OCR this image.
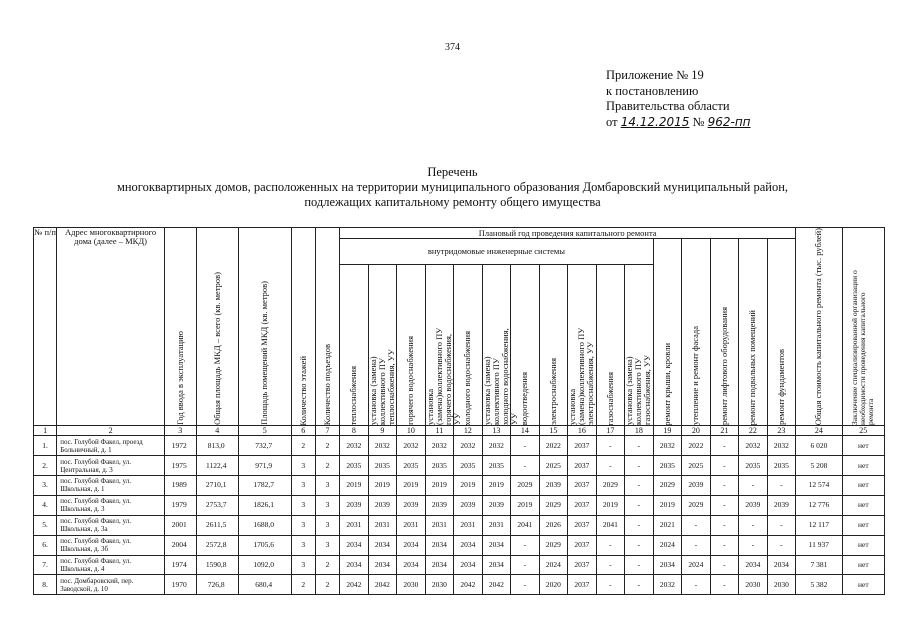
374
Приложение № 19
к постановлению
Правительства области
от 14.12.2015 № 962-пп
Перечень
многоквартирных домов, расположенных на территории муниципального образования Домбаровский муниципальный район,
подлежащих капитальному ремонту общего имущества
№ п/п	Адрес многоквартирного дома (далее – МКД)	Год ввода в эксплуатацию	Общая площадь МКД – всего (кв. метров)	Площадь помещений МКД (кв. метров)	Количество этажей	Количество подъездов	Плановый год проведения капитального ремонта																Общая стоимость капитального ремонта (тыс. рублей)	Заключение специализированной организации о необходимости проведения капитального ремонта

							внутридомовые инженерные системы											ремонт крыши, кровли	утепление и ремонт фасада	ремонт лифтового оборудования	ремонт подвальных помещений	ремонт фундаментов		

							теплоснабжения	установка (замена) коллективного ПУ теплоснабжения, УУ	горячего водоснабжения	установка (замена)коллективного ПУ горячего водоснабжения, УУ	холодного водоснабжения	установка (замена) коллективного ПУ холодного водоснабжения, УУ	водоотведения	электроснабжения	установка (замена)коллективного ПУ электроснабжения, УУ	газоснабжения	установка (замена) коллективного ПУ газоснабжения, УУ							

1	2	3	4	5	6	7	8	9	10	11	12	13	14	15	16	17	18	19	20	21	22	23	24	25
1.	пос. Голубой Факел, проезд Больничный, д. 1	1972	813,0	732,7	2	2	2032	2032	2032	2032	2032	2032	-	2022	2037	-	-	2032	2022	-	2032	2032	6 020	нет
2.	пос. Голубой Факел, ул. Центральная, д. 3	1975	1122,4	971,9	3	2	2035	2035	2035	2035	2035	2035	-	2025	2037	-	-	2035	2025	-	2035	2035	5 208	нет
3.	пос. Голубой Факел, ул. Школьная, д. 1	1989	2710,1	1782,7	3	3	2019	2019	2019	2019	2019	2019	2029	2039	2037	2029	-	2029	2039	-	-	-	12 574	нет
4.	пос. Голубой Факел, ул. Школьная, д. 3	1979	2753,7	1826,1	3	3	2039	2039	2039	2039	2039	2039	2019	2029	2037	2019	-	2019	2029	-	2039	2039	12 776	нет
5.	пос. Голубой Факел, ул. Школьная, д. 3а	2001	2611,5	1688,0	3	3	2031	2031	2031	2031	2031	2031	2041	2026	2037	2041	-	2021	-	-	-	-	12 117	нет
6.	пос. Голубой Факел, ул. Школьная, д. 3б	2004	2572,8	1705,6	3	3	2034	2034	2034	2034	2034	2034	-	2029	2037	-	-	2024	-	-	-	-	11 937	нет
7.	пос. Голубой Факел, ул. Школьная, д. 4	1974	1590,8	1092,0	3	2	2034	2034	2034	2034	2034	2034	-	2024	2037	-	-	2034	2024	-	2034	2034	7 381	нет
8.	пос. Домбаровский, пер. Заводской, д. 10	1970	726,8	680,4	2	2	2042	2042	2030	2030	2042	2042	-	2020	2037	-	-	2032	-	-	2030	2030	5 382	нет
